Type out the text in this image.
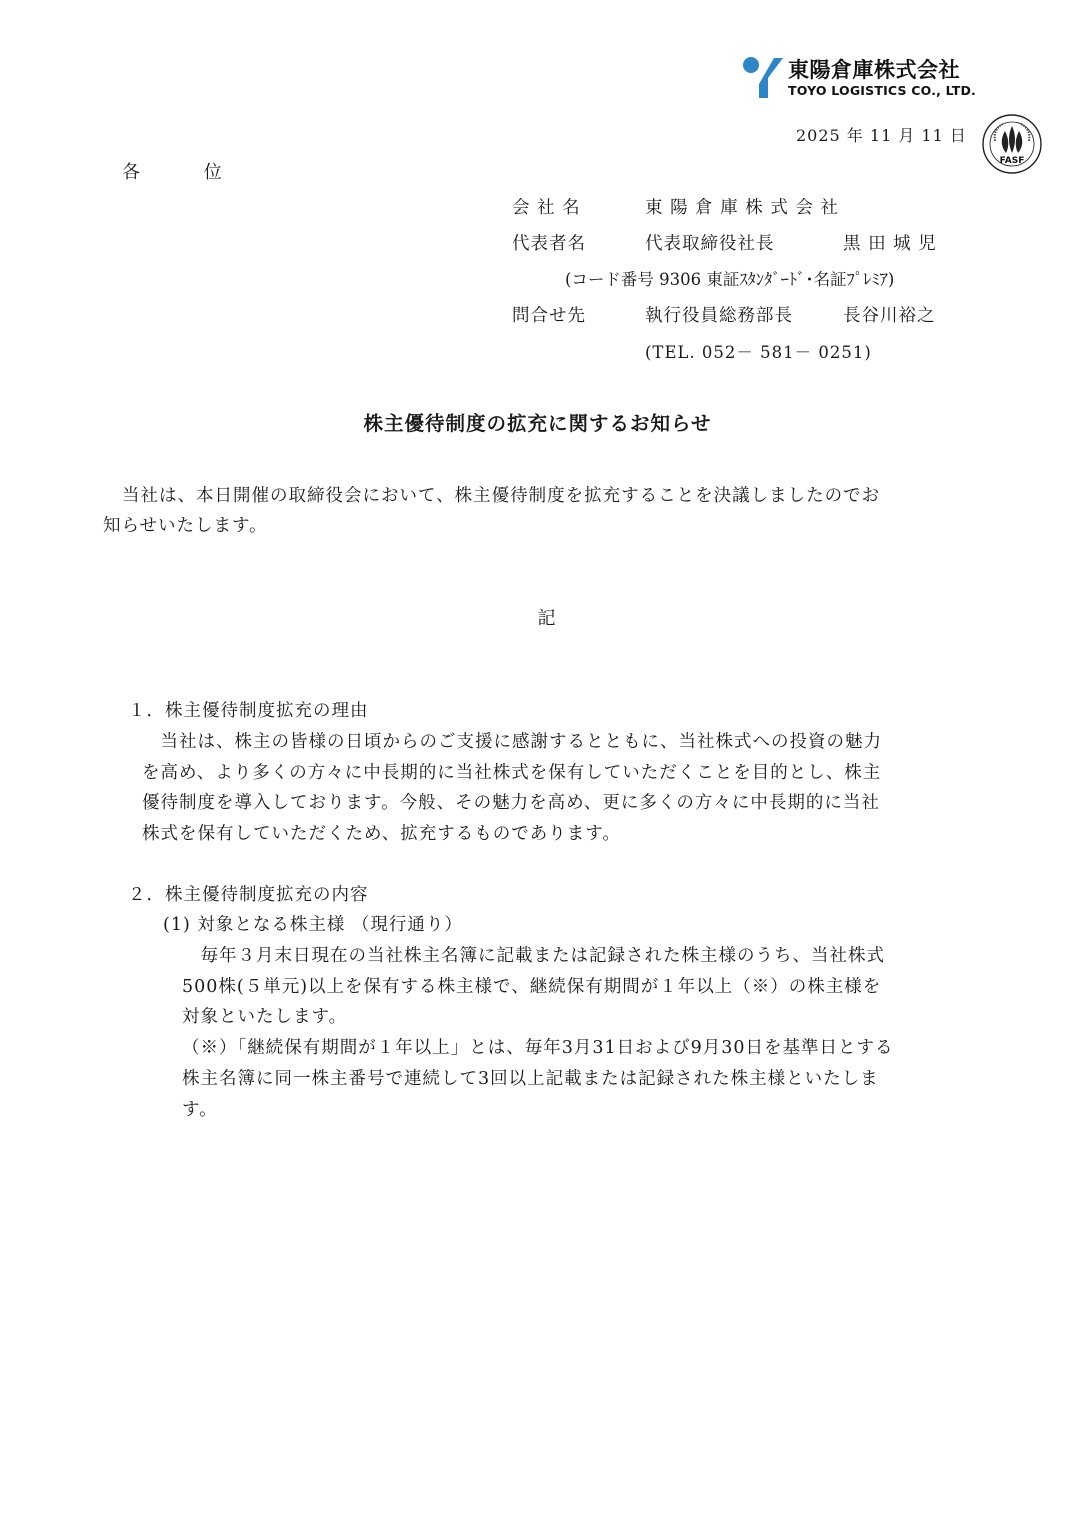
東陽倉庫株式会社
TOYO LOGISTICS CO., LTD.
FASF
2025 年 11 月 11 日
各 位
会 社 名	東 陽 倉 庫 株 式 会 社
代表者名	代表取締役社長	黒 田 城 児
(コード番号 9306 東証ｽﾀﾝﾀﾞｰﾄﾞ･名証ﾌﾟﾚﾐｱ)
問合せ先	執行役員総務部長	長谷川裕之
(TEL. 052－ 581－ 0251)
株主優待制度の拡充に関するお知らせ
当社は、本日開催の取締役会において、株主優待制度を拡充することを決議しましたのでお
知らせいたします。
記
１．株主優待制度拡充の理由
　当社は、株主の皆様の日頃からのご支援に感謝するとともに、当社株式への投資の魅力
を高め、より多くの方々に中長期的に当社株式を保有していただくことを目的とし、株主
優待制度を導入しております。今般、その魅力を高め、更に多くの方々に中長期的に当社
株式を保有していただくため、拡充するものであります。
２．株主優待制度拡充の内容
(1) 対象となる株主様 （現行通り）
　毎年３月末日現在の当社株主名簿に記載または記録された株主様のうち、当社株式
500株(５単元)以上を保有する株主様で、継続保有期間が１年以上（※）の株主様を
対象といたします。
（※）「継続保有期間が１年以上」とは、毎年3月31日および9月30日を基準日とする
株主名簿に同一株主番号で連続して3回以上記載または記録された株主様といたしま
す。
